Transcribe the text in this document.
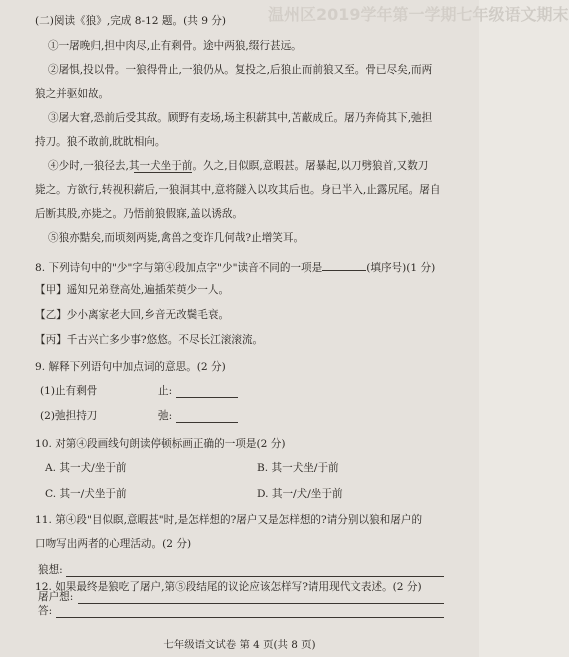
温州区2019学年第一学期七年级语文期末
(二)阅读《狼》,完成 8-12 题。(共 9 分)
①一屠晚归,担中肉尽,止有剩骨。途中两狼,缀行甚远。
②屠惧,投以骨。一狼得骨止,一狼仍从。复投之,后狼止而前狼又至。骨已尽矣,而两
狼之并驱如故。
③屠大窘,恐前后受其敌。顾野有麦场,场主积薪其中,苫蔽成丘。屠乃奔倚其下,弛担
持刀。狼不敢前,眈眈相向。
④少时,一狼径去,其一犬坐于前。久之,目似瞑,意暇甚。屠暴起,以刀劈狼首,又数刀
毙之。方欲行,转视积薪后,一狼洞其中,意将隧入以攻其后也。身已半入,止露尻尾。屠自
后断其股,亦毙之。乃悟前狼假寐,盖以诱敌。
⑤狼亦黠矣,而顷刻两毙,禽兽之变诈几何哉?止增笑耳。
8. 下列诗句中的"少"字与第④段加点字"少"读音不同的一项是	(填序号)(1 分)
【甲】遥知兄弟登高处,遍插茱萸少一人。
【乙】少小离家老大回,乡音无改鬓毛衰。
【丙】千古兴亡多少事?悠悠。不尽长江滚滚流。
9. 解释下列语句中加点词的意思。(2 分)
(1)止有剩骨	止:
(2)弛担持刀	弛:
10. 对第④段画线句朗读停顿标画正确的一项是(2 分)
A. 其一犬/坐于前	B. 其一犬坐/于前
C. 其一/犬坐于前	D. 其一/犬/坐于前
11. 第④段"目似瞑,意暇甚"时,是怎样想的?屠户又是怎样想的?请分别以狼和屠户的
口吻写出两者的心理活动。(2 分)
狼想:
屠户想:
12. 如果最终是狼吃了屠户,第⑤段结尾的议论应该怎样写?请用现代文表述。(2 分)
答:
七年级语文试卷 第 4 页(共 8 页)
